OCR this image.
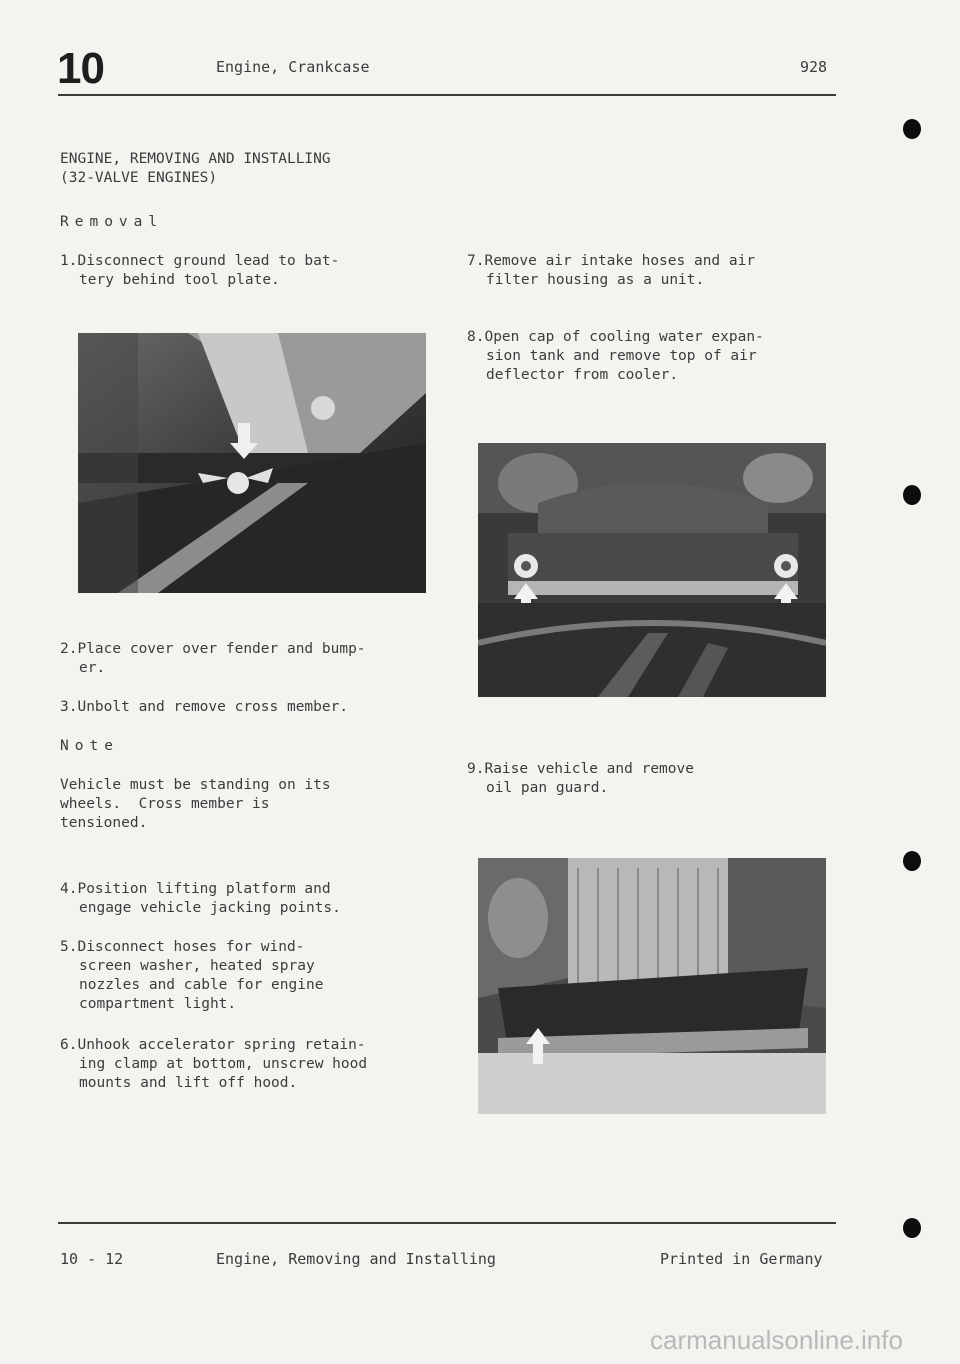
10	Engine, Crankcase	928
ENGINE, REMOVING AND INSTALLING
(32-VALVE ENGINES)
Removal
1.Disconnect ground lead to bat-
tery behind tool plate.
2.Place cover over fender and bump-
er.
3.Unbolt and remove cross member.
Note
Vehicle must be standing on its
wheels.  Cross member is
tensioned.
4.Position lifting platform and
engage vehicle jacking points.
5.Disconnect hoses for wind-
screen washer, heated spray
nozzles and cable for engine
compartment light.
6.Unhook accelerator spring retain-
ing clamp at bottom, unscrew hood
mounts and lift off hood.
7.Remove air intake hoses and air
filter housing as a unit.
8.Open cap of cooling water expan-
sion tank and remove top of air
deflector from cooler.
9.Raise vehicle and remove
oil pan guard.
10 - 12	Engine, Removing and Installing	Printed in Germany
carmanualsonline.info
